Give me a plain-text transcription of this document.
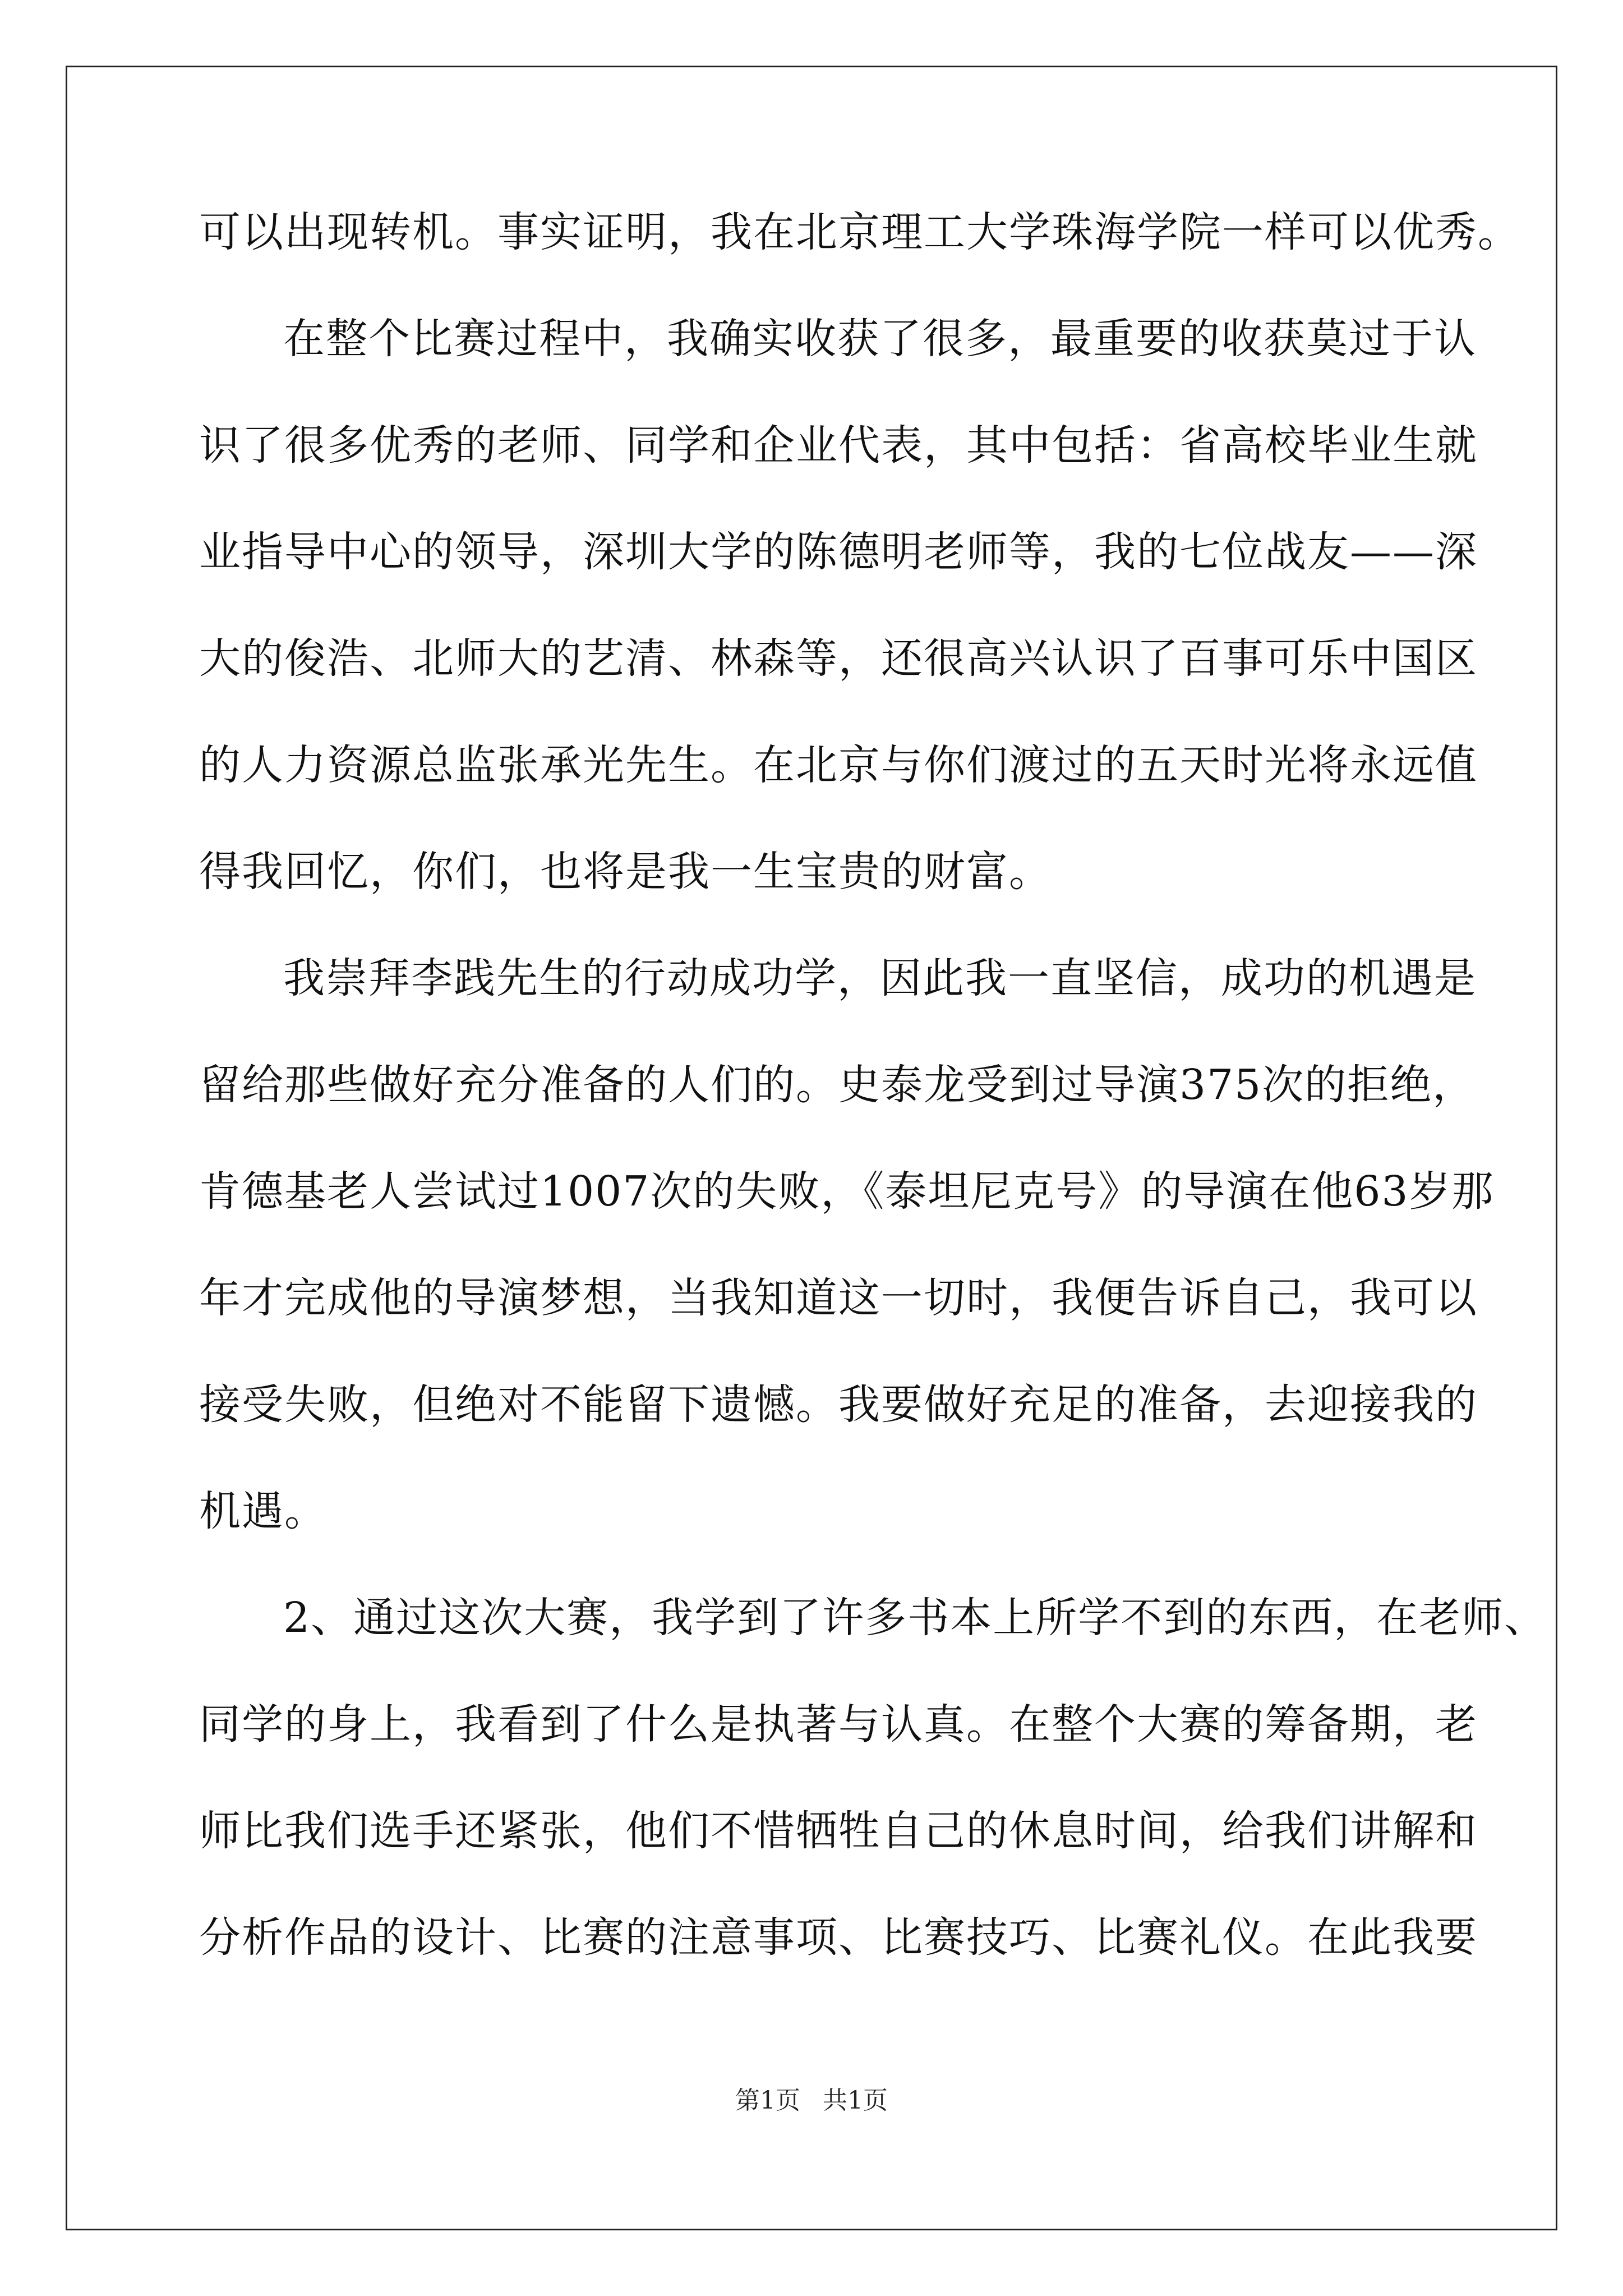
可以出现转机。事实证明，我在北京理工大学珠海学院一样可以优秀。
在整个比赛过程中，我确实收获了很多，最重要的收获莫过于认
识了很多优秀的老师、同学和企业代表，其中包括：省高校毕业生就
业指导中心的领导，深圳大学的陈德明老师等，我的七位战友——深
大的俊浩、北师大的艺清、林森等，还很高兴认识了百事可乐中国区
的人力资源总监张承光先生。在北京与你们渡过的五天时光将永远值
得我回忆，你们，也将是我一生宝贵的财富。
我崇拜李践先生的行动成功学，因此我一直坚信，成功的机遇是
留给那些做好充分准备的人们的。史泰龙受到过导演375次的拒绝，
肯德基老人尝试过1007次的失败，《泰坦尼克号》的导演在他63岁那
年才完成他的导演梦想，当我知道这一切时，我便告诉自己，我可以
接受失败，但绝对不能留下遗憾。我要做好充足的准备，去迎接我的
机遇。
2、通过这次大赛，我学到了许多书本上所学不到的东西，在老师、
同学的身上，我看到了什么是执著与认真。在整个大赛的筹备期，老
师比我们选手还紧张，他们不惜牺牲自己的休息时间，给我们讲解和
分析作品的设计、比赛的注意事项、比赛技巧、比赛礼仪。在此我要
第1页 共1页
